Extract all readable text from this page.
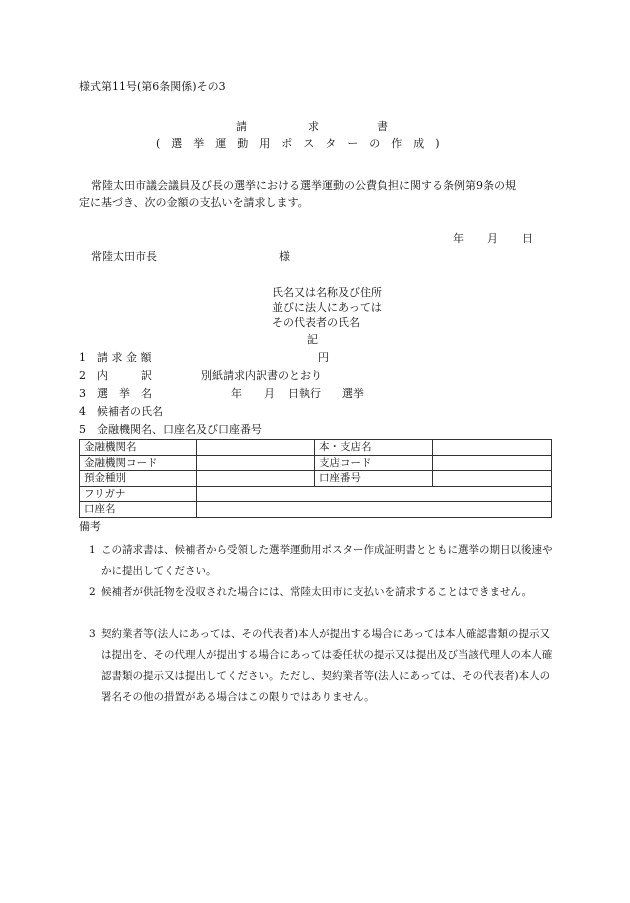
様式第11号(第6条関係)その3
請	求	書
(　選　挙　運　動　用　ポ　ス　タ　ー　の　作　成　)
常陸太田市議会議員及び長の選挙における選挙運動の公費負担に関する条例第9条の規
定に基づき、次の金額の支払いを請求します。
年 月 日
常陸太田市長	様
氏名又は名称及び住所
並びに法人にあっては
その代表者の氏名
記
1 請 求 金 額	円
2 内　　　訳	別紙請求内訳書のとおり
3 選　挙　名	年 月 日執行 選挙
4 候補者の氏名
5 金融機関名、口座名及び口座番号
金融機関名		本・支店名	
金融機関コード		支店コード	
預金種別		口座番号	
フリガナ			
口座名			
備考
1 この請求書は、候補者から受領した選挙運動用ポスター作成証明書とともに選挙の期日以後速やかに提出してください。
2 候補者が供託物を没収された場合には、常陸太田市に支払いを請求することはできません。
3 契約業者等(法人にあっては、その代表者)本人が提出する場合にあっては本人確認書類の提示又は提出を、その代理人が提出する場合にあっては委任状の提示又は提出及び当該代理人の本人確認書類の提示又は提出してください。ただし、契約業者等(法人にあっては、その代表者)本人の署名その他の措置がある場合はこの限りではありません。
